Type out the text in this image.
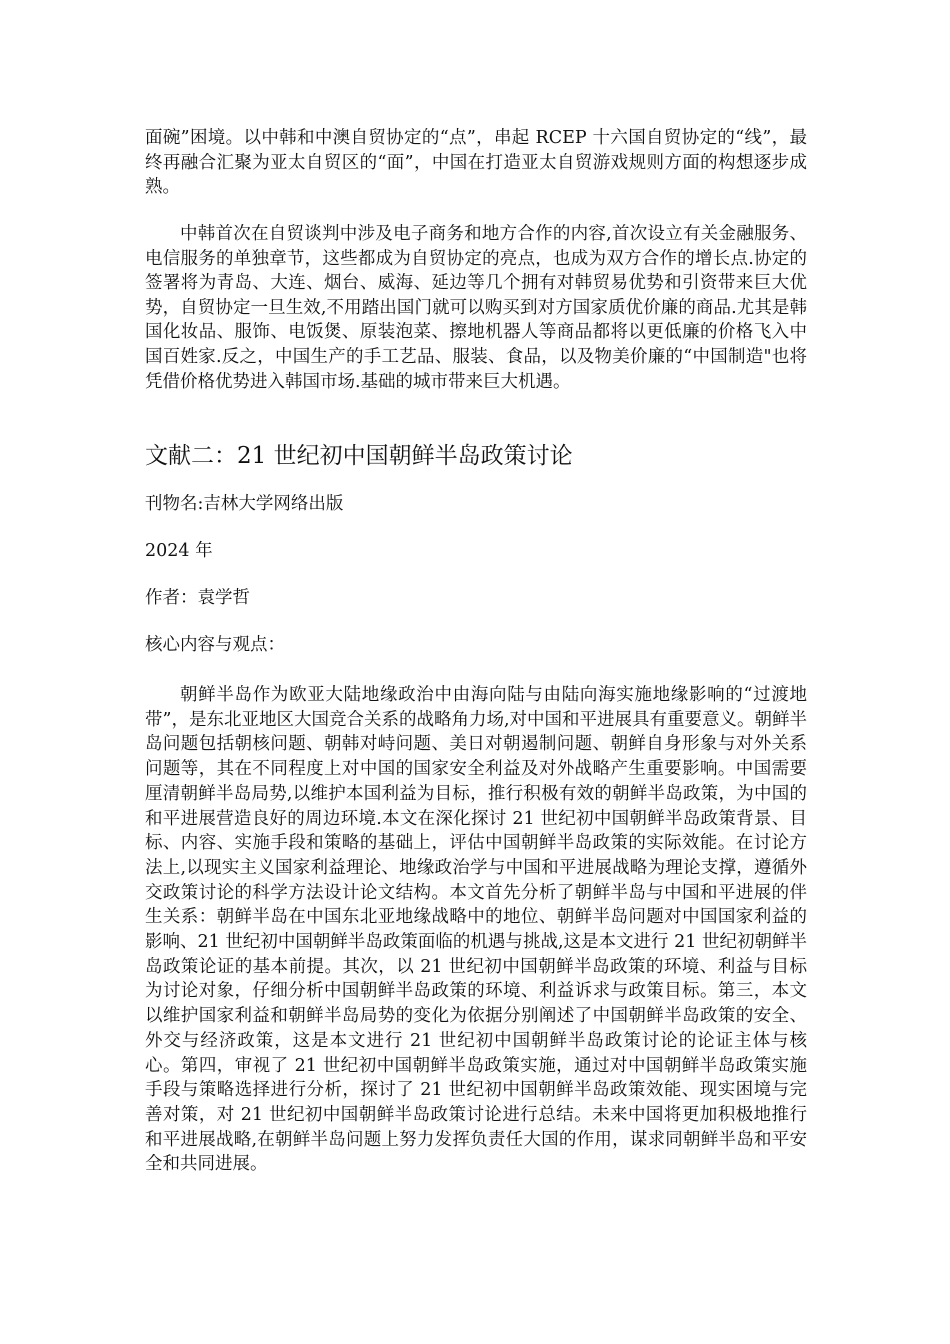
面碗”困境。以中韩和中澳自贸协定的“点”，串起 RCEP 十六国自贸协定的“线”，最终再融合汇聚为亚太自贸区的“面”，中国在打造亚太自贸游戏规则方面的构想逐步成熟。

中韩首次在自贸谈判中涉及电子商务和地方合作的内容,首次设立有关金融服务、电信服务的单独章节，这些都成为自贸协定的亮点，也成为双方合作的增长点.协定的签署将为青岛、大连、烟台、威海、延边等几个拥有对韩贸易优势和引资带来巨大优势，自贸协定一旦生效,不用踏出国门就可以购买到对方国家质优价廉的商品.尤其是韩国化妆品、服饰、电饭煲、原装泡菜、擦地机器人等商品都将以更低廉的价格飞入中国百姓家.反之，中国生产的手工艺品、服装、食品，以及物美价廉的“中国制造"也将凭借价格优势进入韩国市场.基础的城市带来巨大机遇。

文献二：21 世纪初中国朝鲜半岛政策讨论

刊物名:吉林大学网络出版

2024 年

作者：袁学哲

核心内容与观点：

朝鲜半岛作为欧亚大陆地缘政治中由海向陆与由陆向海实施地缘影响的“过渡地带”，是东北亚地区大国竞合关系的战略角力场,对中国和平进展具有重要意义。朝鲜半岛问题包括朝核问题、朝韩对峙问题、美日对朝遏制问题、朝鲜自身形象与对外关系问题等，其在不同程度上对中国的国家安全利益及对外战略产生重要影响。中国需要厘清朝鲜半岛局势,以维护本国利益为目标，推行积极有效的朝鲜半岛政策，为中国的和平进展营造良好的周边环境.本文在深化探讨 21 世纪初中国朝鲜半岛政策背景、目标、内容、实施手段和策略的基础上，评估中国朝鲜半岛政策的实际效能。在讨论方法上,以现实主义国家利益理论、地缘政治学与中国和平进展战略为理论支撑，遵循外交政策讨论的科学方法设计论文结构。本文首先分析了朝鲜半岛与中国和平进展的伴生关系：朝鲜半岛在中国东北亚地缘战略中的地位、朝鲜半岛问题对中国国家利益的影响、21 世纪初中国朝鲜半岛政策面临的机遇与挑战,这是本文进行 21 世纪初朝鲜半岛政策论证的基本前提。其次，以 21 世纪初中国朝鲜半岛政策的环境、利益与目标为讨论对象，仔细分析中国朝鲜半岛政策的环境、利益诉求与政策目标。第三，本文以维护国家利益和朝鲜半岛局势的变化为依据分别阐述了中国朝鲜半岛政策的安全、外交与经济政策，这是本文进行 21 世纪初中国朝鲜半岛政策讨论的论证主体与核心。第四，审视了 21 世纪初中国朝鲜半岛政策实施，通过对中国朝鲜半岛政策实施手段与策略选择进行分析，探讨了 21 世纪初中国朝鲜半岛政策效能、现实困境与完善对策，对 21 世纪初中国朝鲜半岛政策讨论进行总结。未来中国将更加积极地推行和平进展战略,在朝鲜半岛问题上努力发挥负责任大国的作用，谋求同朝鲜半岛和平安全和共同进展。
